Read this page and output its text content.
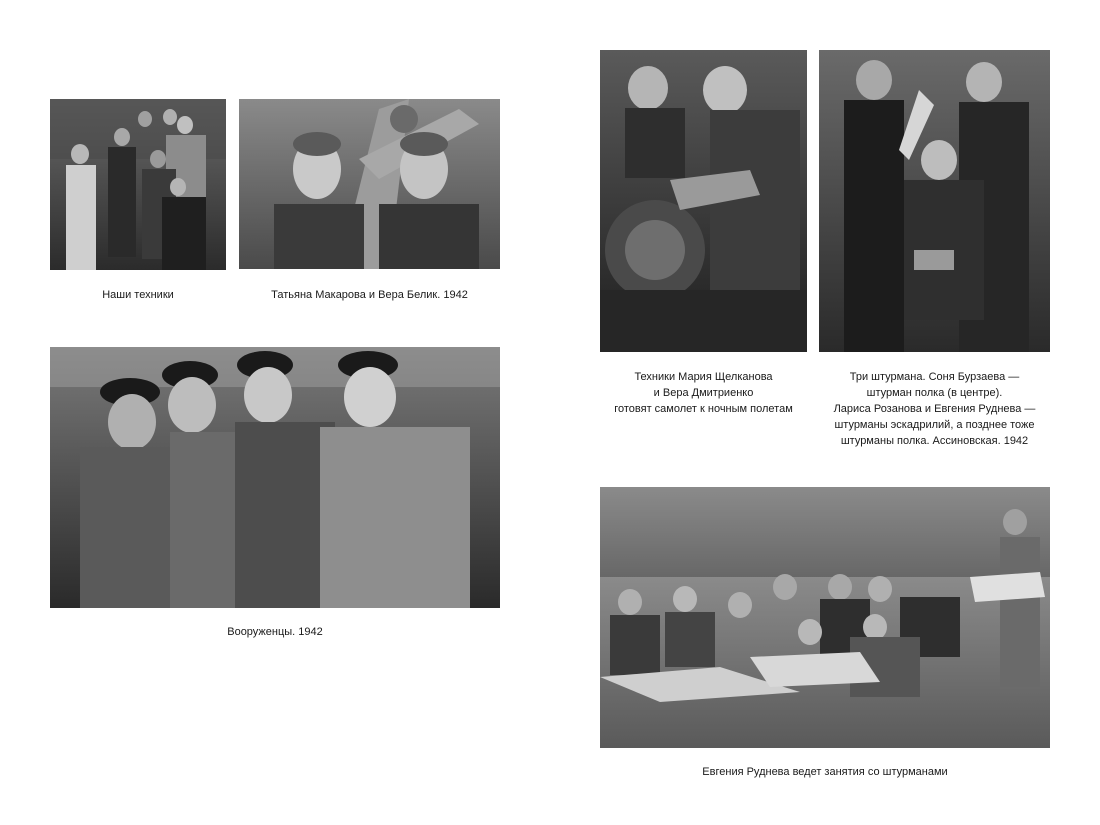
Наши техники	Татьяна Макарова и Вера Белик. 1942
Вооруженцы. 1942
Техники Мария Щелканова
и Вера Дмитриенко
готовят самолет к ночным полетам
Три штурмана. Соня Бурзаева —
штурман полка (в центре).
Лариса Розанова и Евгения Руднева —
штурманы эскадрилий, а позднее тоже
штурманы полка. Ассиновская. 1942
Евгения Руднева ведет занятия со штурманами
